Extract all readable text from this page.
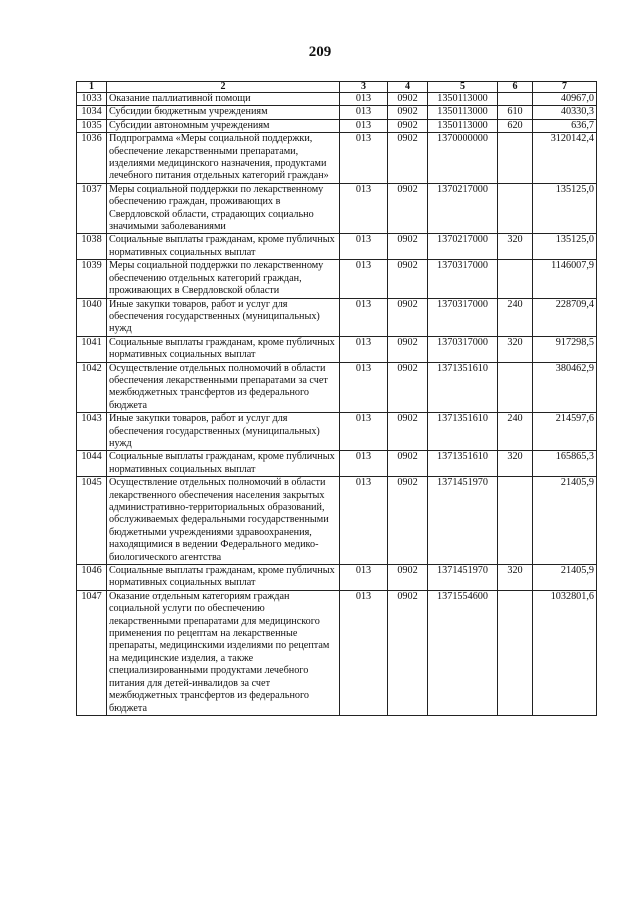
209
1	2	3	4	5	6	7
1033	Оказание паллиативной помощи	013	0902	1350113000		40967,0
1034	Субсидии бюджетным учреждениям	013	0902	1350113000	610	40330,3
1035	Субсидии автономным учреждениям	013	0902	1350113000	620	636,7
1036	Подпрограмма «Меры социальной поддержки, обеспечение лекарственными препаратами, изделиями медицинского назначения, продуктами лечебного питания отдельных категорий граждан»	013	0902	1370000000		3120142,4
1037	Меры социальной поддержки по лекарственному обеспечению граждан, проживающих в Свердловской области, страдающих социально значимыми заболеваниями	013	0902	1370217000		135125,0
1038	Социальные выплаты гражданам, кроме публичных нормативных социальных выплат	013	0902	1370217000	320	135125,0
1039	Меры социальной поддержки по лекарственному обеспечению отдельных категорий граждан, проживающих в Свердловской области	013	0902	1370317000		1146007,9
1040	Иные закупки товаров, работ и услуг для обеспечения государственных (муниципальных) нужд	013	0902	1370317000	240	228709,4
1041	Социальные выплаты гражданам, кроме публичных нормативных социальных выплат	013	0902	1370317000	320	917298,5
1042	Осуществление отдельных полномочий в области обеспечения лекарственными препаратами за счет межбюджетных трансфертов из федерального бюджета	013	0902	1371351610		380462,9
1043	Иные закупки товаров, работ и услуг для обеспечения государственных (муниципальных) нужд	013	0902	1371351610	240	214597,6
1044	Социальные выплаты гражданам, кроме публичных нормативных социальных выплат	013	0902	1371351610	320	165865,3
1045	Осуществление отдельных полномочий в области лекарственного обеспечения населения закрытых административно-территориальных образований, обслуживаемых федеральными государственными бюджетными учреждениями здравоохранения, находящимися в ведении Федерального медико-биологического агентства	013	0902	1371451970		21405,9
1046	Социальные выплаты гражданам, кроме публичных нормативных социальных выплат	013	0902	1371451970	320	21405,9
1047	Оказание отдельным категориям граждан социальной услуги по обеспечению лекарственными препаратами для медицинского применения по рецептам на лекарственные препараты, медицинскими изделиями по рецептам на медицинские изделия, а также специализированными продуктами лечебного питания для детей-инвалидов за счет межбюджетных трансфертов из федерального бюджета	013	0902	1371554600		1032801,6
